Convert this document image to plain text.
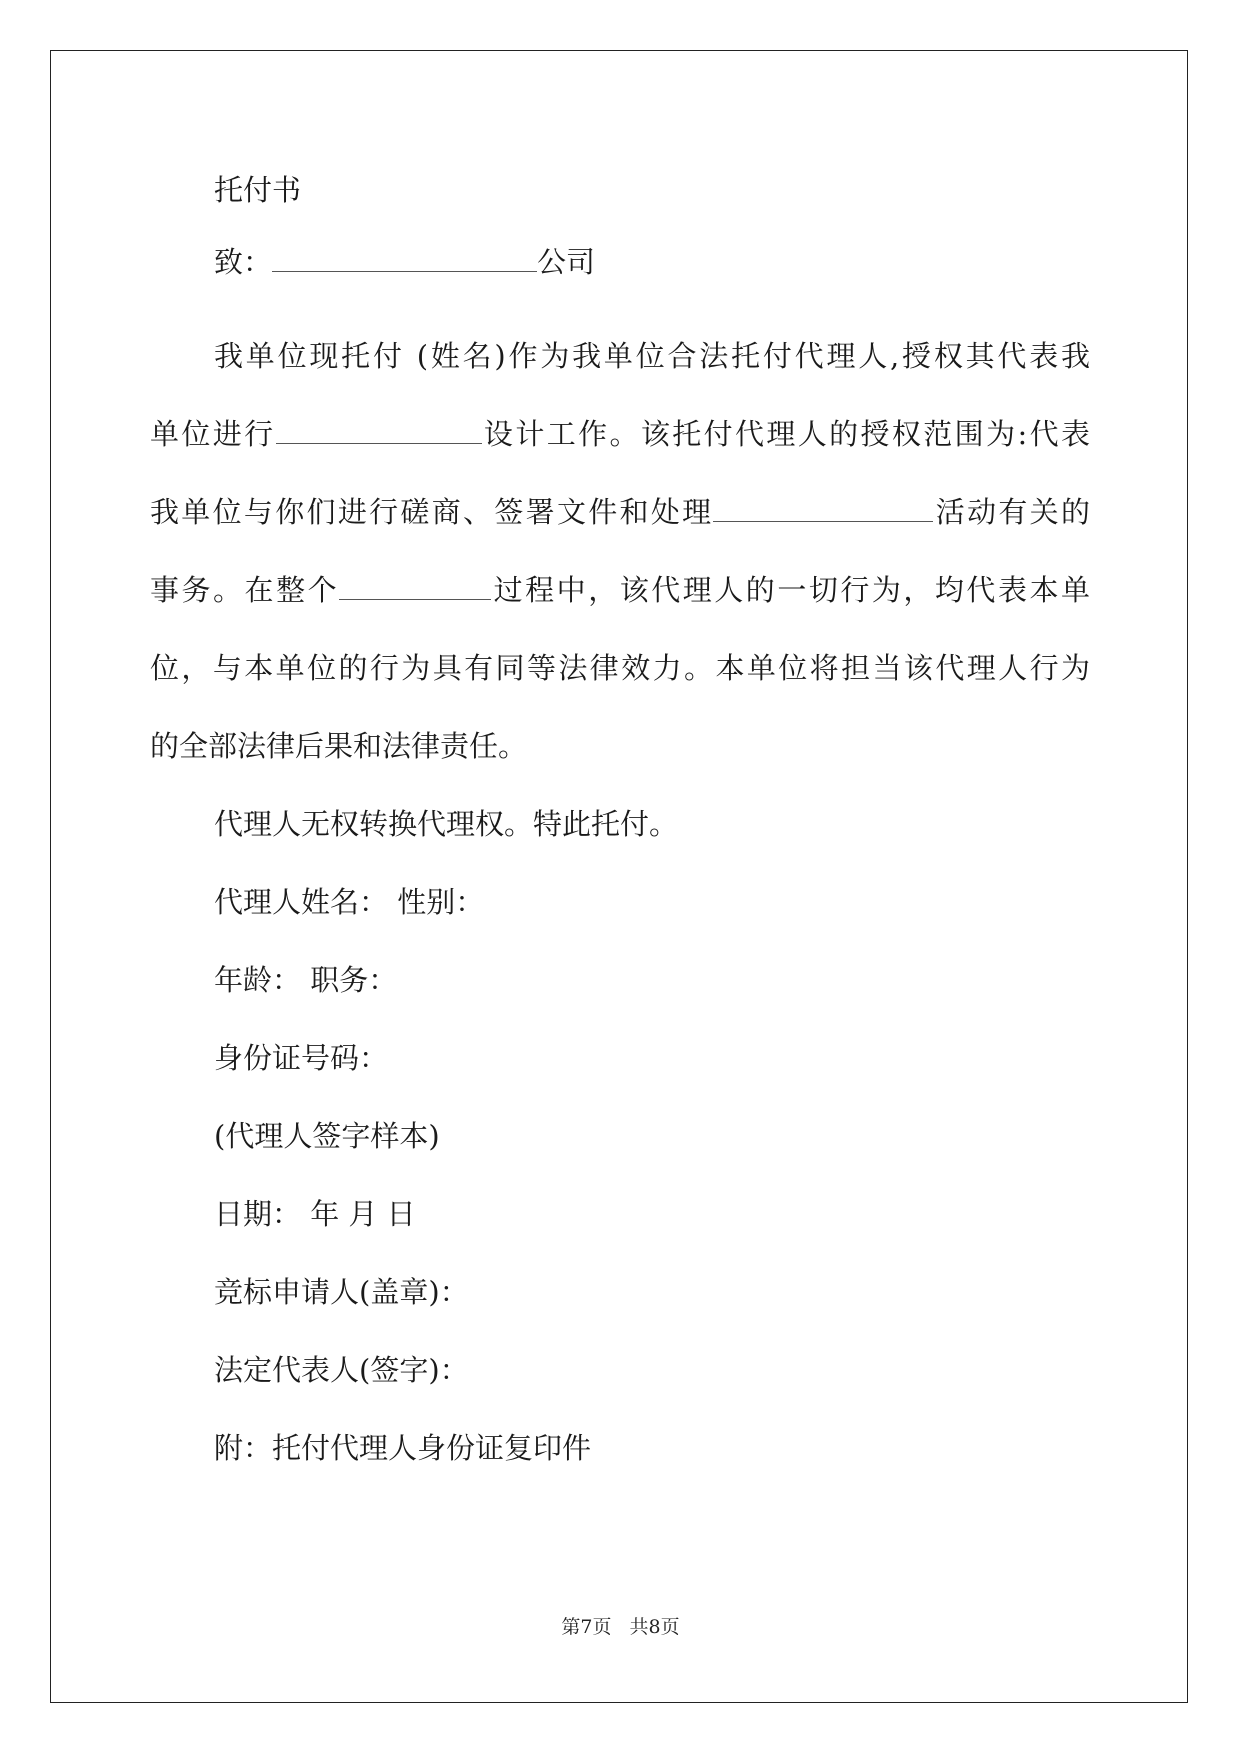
托付书
致：	公司
我单位现托付 (姓名)作为我单位合法托付代理人,授权其代表我
单位进行	设计工作。该托付代理人的授权范围为:代表
我单位与你们进行磋商、签署文件和处理	活动有关的
事务。在整个	过程中，该代理人的一切行为，均代表本单
位，与本单位的行为具有同等法律效力。本单位将担当该代理人行为
的全部法律后果和法律责任。
代理人无权转换代理权。特此托付。
代理人姓名： 性别：
年龄： 职务：
身份证号码：
(代理人签字样本)
日期： 年 月 日
竞标申请人(盖章)：
法定代表人(签字)：
附：托付代理人身份证复印件
第7页 共8页
